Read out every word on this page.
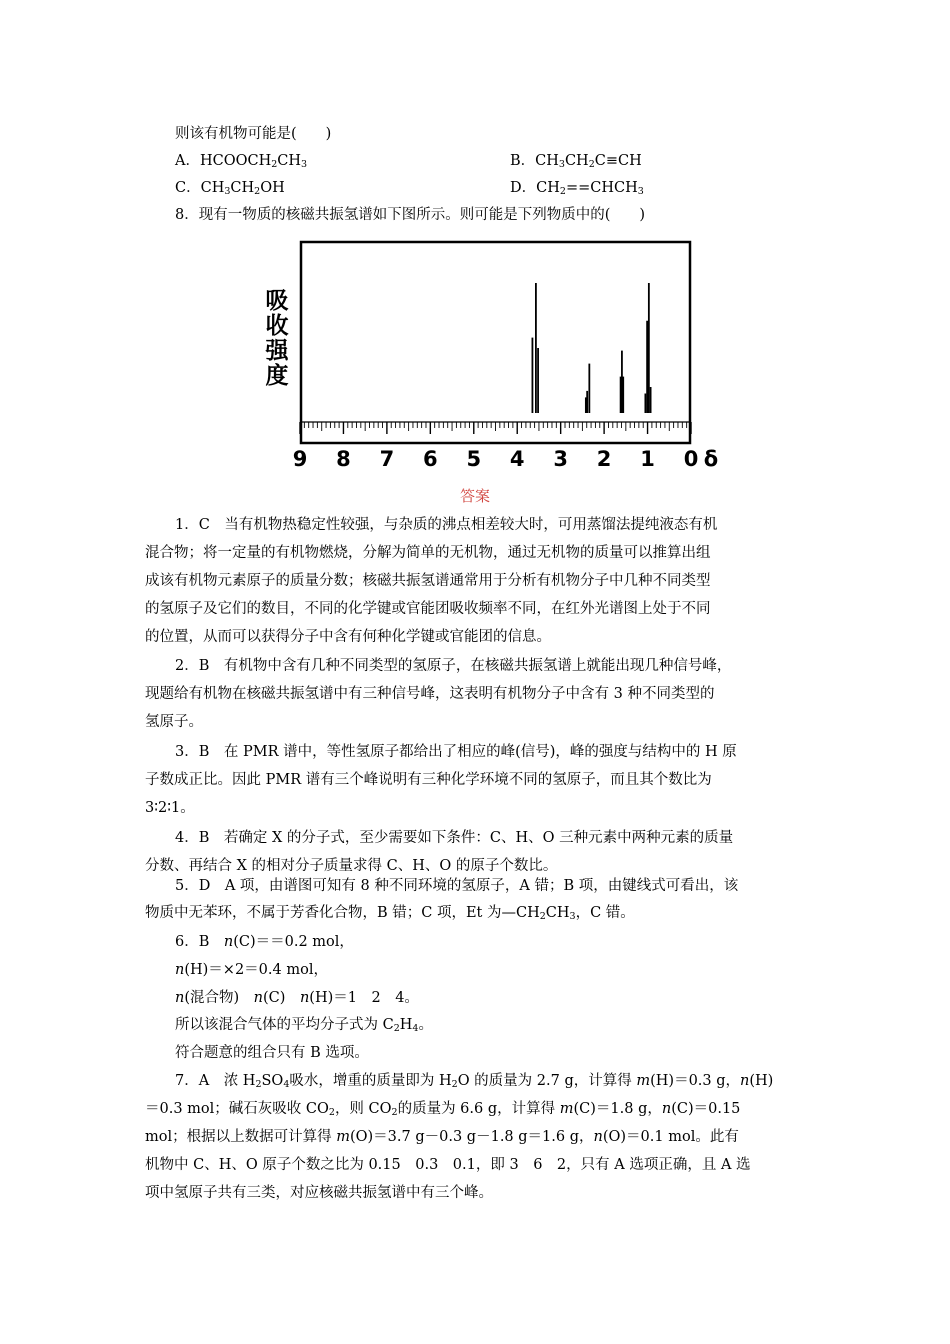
则该有机物可能是(　　)
A．$HCOOCH_2CH_3$	B．$CH_3CH_2C\equiv CH$
C．$CH_3CH_2OH$	D．$CH_2==CHCH_3$
8．现有一物质的核磁共振氢谱如下图所示。则可能是下列物质中的(　　)
吸收强度
9 8 7 6 5 4 3 2 1 0 δ
答案
1．C　当有机物热稳定性较强，与杂质的沸点相差较大时，可用蒸馏法提纯液态有机
混合物；将一定量的有机物燃烧，分解为简单的无机物，通过无机物的质量可以推算出组
成该有机物元素原子的质量分数；核磁共振氢谱通常用于分析有机物分子中几种不同类型
的氢原子及它们的数目，不同的化学键或官能团吸收频率不同，在红外光谱图上处于不同
的位置，从而可以获得分子中含有何种化学键或官能团的信息。
2．B　有机物中含有几种不同类型的氢原子，在核磁共振氢谱上就能出现几种信号峰，
现题给有机物在核磁共振氢谱中有三种信号峰，这表明有机物分子中含有 3 种不同类型的
氢原子。
3．B　在 PMR 谱中，等性氢原子都给出了相应的峰(信号)，峰的强度与结构中的 H 原
子数成正比。因此 PMR 谱有三个峰说明有三种化学环境不同的氢原子，而且其个数比为
3∶2∶1。
4．B　若确定 X 的分子式，至少需要如下条件：C、H、O 三种元素中两种元素的质量
分数、再结合 X 的相对分子质量求得 C、H、O 的原子个数比。
5．D　A 项，由谱图可知有 8 种不同环境的氢原子，A 错；B 项，由键线式可看出，该
物质中无苯环，不属于芳香化合物，B 错；C 项，Et 为$—CH_2CH_3$，C 错。
6．B　n(C)＝＝0.2 mol，
n(H)＝×2＝0.4 mol，
n(混合物)　n(C)　n(H)＝1　2　4。
所以该混合气体的平均分子式为 $C_2H_4$。
符合题意的组合只有 B 选项。
7．A　浓 $H_2SO_4$吸水，增重的质量即为 $H_2O$ 的质量为 2.7 g，计算得 m(H)＝0.3 g，n(H)
＝0.3 mol；碱石灰吸收 $CO_2$，则 $CO_2$的质量为 6.6 g，计算得 m(C)＝1.8 g，n(C)＝0.15
mol；根据以上数据可计算得 m(O)＝3.7 g－0.3 g－1.8 g＝1.6 g，n(O)＝0.1 mol。此有
机物中 C、H、O 原子个数之比为 0.15　0.3　0.1，即 3　6　2，只有 A 选项正确，且 A 选
项中氢原子共有三类，对应核磁共振氢谱中有三个峰。
